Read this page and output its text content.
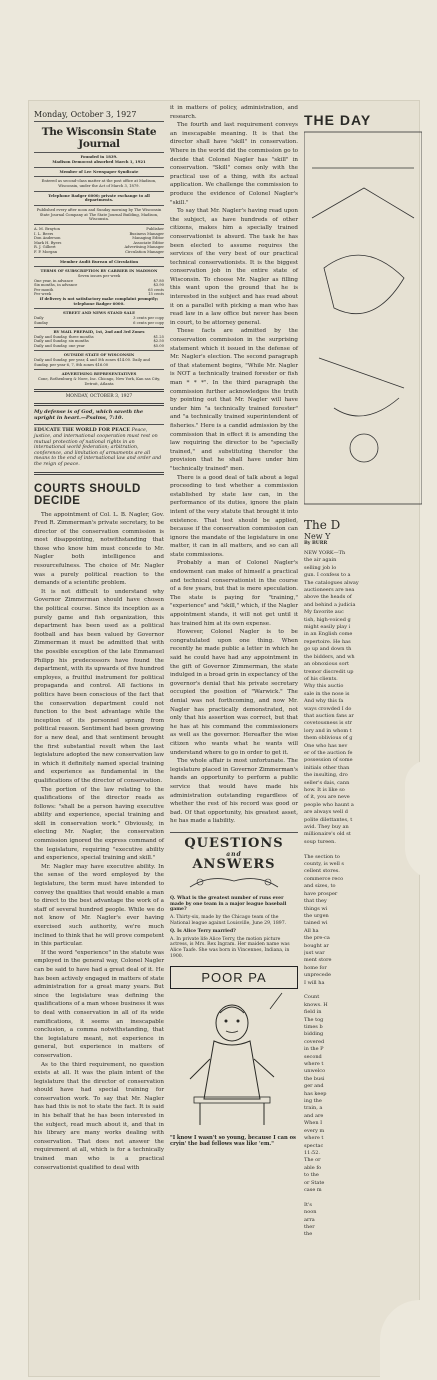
Monday, October 3, 1927
The Wisconsin State Journal
Founded in 1839.
Madison Democrat absorbed March 1, 1921
Member of Lee Newspaper Syndicate
Entered as second-class matter at the post office at Madison, Wisconsin, under the Act of March 3, 1879.
Telephone Badger 6000; private exchange to all departments.
Published every after noon and Sunday morning by The Wisconsin State Journal Company at The State Journal Building, Madison, Wisconsin.
A. M. Brayton	Publisher
I. L. Beers	Business Manager
Don Anderson	Managing Editor
Mark H. Byers	Associate Editor
R. J. Gilbert	Advertising Manager
F. P. Morgan	Circulation Manager
Member Audit Bureau of Circulation
TERMS OF SUBSCRIPTION BY CARRIER IN MADISON
Seven issues per week
One year, in advance	$7.80
Six months, in advance	$3.90
Per month	65 cents
Per week	15 cents
If delivery is not satisfactory make complaint promptly; telephone Badger 6000.
STREET AND NEWS STAND SALE
Daily	3 cents per copy
Sunday	6 cents per copy
BY MAIL PREPAID, 1st, 2nd and 3rd Zones
Daily and Sunday, three months	$1.25
Daily and Sunday, six months	$2.50
Daily and Sunday, one year	$5.00
OUTSIDE STATE OF WISCONSIN
Daily and Sunday, per year, 4 and 5th zones $14.00. Daily and Sunday, per year 6, 7, 8th zones $16.00
ADVERTISING REPRESENTATIVES
Cone, Rothenburg & Noee, Inc. Chicago, New York, Kan sas City, Detroit, Atlanta
MONDAY, OCTOBER 3, 1927
My defense is of God, which saveth the upright in heart.—Psalms, 7:10.
EDUCATE THE WORLD FOR PEACE Peace, justice, and international cooperation must rest on mutual protection of national rights in an international world federation; arbitration, conference, and limitation of armaments are all means to the end of international law and order and the reign of peace.
COURTS SHOULD DECIDE

The appointment of Col. L. B. Nagler, Gov. Fred R. Zimmerman's private secretary, to be director of the conservation commission is most disappointing, notwithstanding that those who know him must concede to Mr. Nagler both intelligence and resourcefulness. The choice of Mr. Nagler was a purely political reaction to the demands of a scientific problem.

It is not difficult to understand why Governor Zimmerman should have chosen the political course. Since its inception as a purely game and fish organization, this department has been used as a political football and has been valued by Governor Zimmerman it must be admitted that with the possible exception of the late Emmanuel Philipp his predecessors have found the department, with its upwards of five hundred employes, a fruitful instrument for political propaganda and control. All factions in politics have been conscious of the fact that the conservation department could not function to the best advantage while the inception of its personnel sprang from political reason. Sentiment had been growing for a new deal, and that sentiment brought the first substantial result when the last legislature adopted the new conservation law in which it definitely named special training and experience as fundamental in the qualifications of the director of conservation.

The portion of the law relating to the qualifications of the director reads as follows: "shall be a person having executive ability and experience, special training and skill in conservation work." Obviously, in electing Mr. Nagler, the conservation commission ignored the express command of the legislature, requiring "executive ability and experience, special training and skill."

Mr. Nagler may have executive ability. In the sense of the word employed by the legislature, the term must have intended to convey the qualities that would enable a man to direct to the best advantage the work of a staff of several hundred people. While we do not know of Mr. Nagler's ever having exercised such authority, we're much inclined to think that he will prove competent in this particular.

If the word "experience" in the statute was employed in the general way, Colonel Nagler can be said to have had a great deal of it. He has been actively engaged in matters of state administration for a great many years. But since the legislature was defining the qualifications of a man whose business it was to deal with conservation in all of its wide ramifications, it seems an inescapable conclusion, a comma notwithstanding, that the legislature meant, not experience in general, but experience in matters of conservation.

As to the third requirement, no question exists at all. It was the plain intent of the legislature that the director of conservation should have had special training for conservation work. To say that Mr. Nagler has had this is not to state the fact. It is said in his behalf that he has been interested in the subject, read much about it, and that in his library are many works dealing with conservation. That does not answer the requirement at all, which is for a technically trained man who is a practical conservationist qualified to deal with

it in matters of policy, administration, and research.

The fourth and last requirement conveys an inescapable meaning. It is that the director shall have "skill" in conservation. Where in the world did the commission go to decide that Colonel Nagler has "skill" in conservation. "Skill" comes only with the practical use of a thing, with its actual application. We challenge the commission to produce the evidence of Colonel Nagler's "skill."

To say that Mr. Nagler's having read upon the subject, as have hundreds of other citizens, makes him a specially trained conservationist is absurd. The task he has been elected to assume requires the services of the very best of our practical technical conservationists. It is the biggest conservation job in the entire state of Wisconsin. To choose Mr. Nagler as filling this want upon the ground that he is interested in the subject and has read about it on a parallel with picking a man who has read law in a law office but never has been in court, to be attorney general.

These facts are admitted by the conservation commission in the surprising statement which it issued in the defense of Mr. Nagler's election. The second paragraph of that statement begins, "While Mr. Nagler is NOT a technically trained forester or fish man * * *". In the third paragraph the commission further acknowledges the truth by pointing out that Mr. Nagler will have under him "a technically trained forester" and "a technically trained superintendent of fisheries." Here is a candid admission by the commission that in effect it is amending the law requiring the director to be "specially trained," and substituting therefor the provision that he shall have under him "technically trained" men.

There is a good deal of talk about a legal proceeding to test whether a commission established by state law can, in the performance of its duties, ignore the plain intent of the very statute that brought it into existence. That test should be applied, because if the conservation commission can ignore the mandate of the legislature in one matter, it can in all matters, and so can all state commissions.

Probably a man of Colonel Nagler's endowment can make of himself a practical and technical conservationist in the course of a few years, but that is mere speculation. The state is paying for "training," "experience" and "skill," which, if the Nagler appointment stands, it will not get until it has trained him at its own expense.

However, Colonel Nagler is to be congratulated upon one thing. When recently he made public a letter in which he said he could have had any appointment in the gift of Governor Zimmerman, the state indulged in a broad grin in expectancy of the governor's denial that his private secretary occupied the position of "Warwick." The denial was not forthcoming, and now Mr. Nagler has practically demonstrated, not only that his assertion was correct, but that he has at his command the commissioners as well as the governor. Hereafter the wise citizen who wants what he wants will understand where to go in order to get it.

The whole affair is most unfortunate. The legislature placed in Governor Zimmerman's hands an opportunity to perform a public service that would have made his administration outstanding regardless of whether the rest of his record was good or bad. Of that opportunity, his greatest asset, he has made a liability.

QUESTIONS
and
ANSWERS

Q. What is the greatest number of runs ever made by one team in a major league baseball game?

A. Thirty-six, made by the Chicago team of the National league against Louisville, June 29, 1897.

Q. Is Alice Terry married?

A. In private life Alice Terry, the motion picture actress, is Mrs. Rex Ingram. Her maiden name was Alice Taafe. She was born in Vincennes, Indiana, in 1900.

POOR PA
"I know I wasn't so young, because I can os cryin' the bad fellows was like 'em."
THE DAY
The D
New Y
By BURR

NEW YORK—Th

the air again

selling job lo

gun. I confess to a

The catalogues alway

auctioneers are nea

above the heads of

and behind a judicia

My favorite auc

tish, high-voiced g

might easily play i

in an English come

repertoire. He has

go up and down th

the bidders, and wh

an obnoxious sort

tremor discredit up

of his clients.

Why this auctio

sale in the nose is

And why this fa

ways crowded I do

that auction fans ar

covetousness is str

lory and in whom t

them oblivious of g

One who has nev

er of the auction fe

possession of some

initials other than

the insulting, dro

seller's dais, cann

how. It is like so

of it, you are neve

people who haunt a

are always well d

polite dilettantes, t

avid. They buy an

millionaire's old st

soup tureen.

The section to

county, is well s

cellent stores.

commerce reco

and sizes, to

have prosper

that they

things wi

the urgen

tained wi

All ha

the pre-ca

bought ar

just war

ment store

home for

unprecede

I will ha

Count

knows. H

field in

The tog

times b

bidding

covered

in the P

second

where t

unwelco

the busi

ger and

has keep

ing the

train, a

and are

When I

every m

where t

spectac

11:52.

The or

able fo

to the

or State

case m

It's

noon

arra

ther

the
